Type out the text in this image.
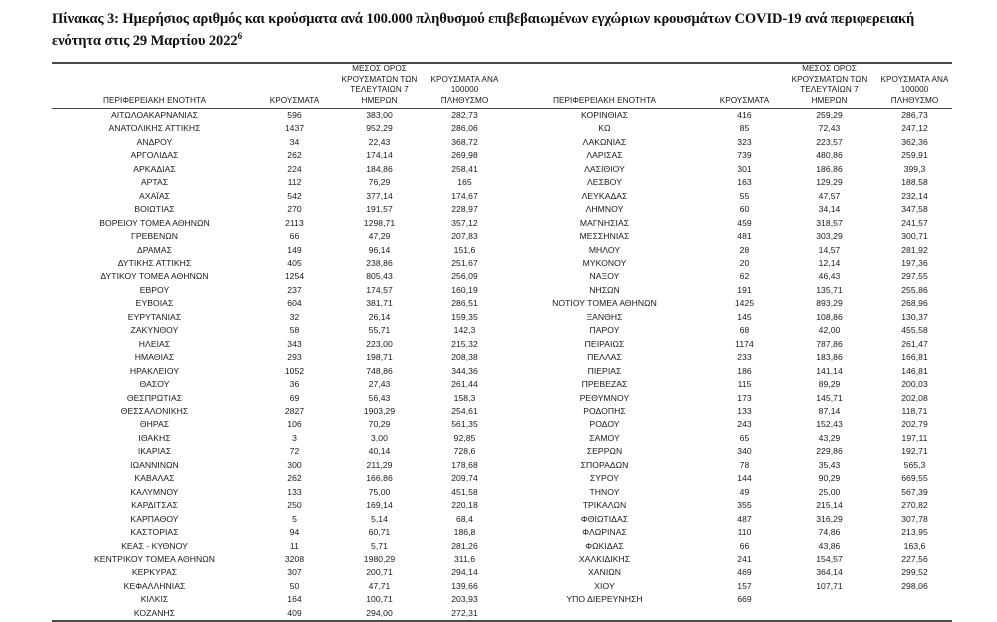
Πίνακας 3: Ημερήσιος αριθμός και κρούσματα ανά 100.000 πληθυσμού επιβεβαιωμένων εγχώριων κρουσμάτων COVID-19 ανά περιφερειακή ενότητα στις 29 Μαρτίου 2022$^6$
ΠΕΡΙΦΕΡΕΙΑΚΗ ΕΝΟΤΗΤΑ	ΚΡΟΥΣΜΑΤΑ	ΜΕΣΟΣ ΟΡΟΣ
ΚΡΟΥΣΜΑΤΩΝ ΤΩΝ
ΤΕΛΕΥΤΑΙΩΝ 7 ΗΜΕΡΩΝ	ΚΡΟΥΣΜΑΤΑ ΑΝΑ 100000
ΠΛΗΘΥΣΜΟ
ΑΙΤΩΛΟΑΚΑΡΝΑΝΙΑΣ	596	383,00	282,73
ΑΝΑΤΟΛΙΚΗΣ ΑΤΤΙΚΗΣ	1437	952,29	286,06
ΑΝΔΡΟΥ	34	22,43	368,72
ΑΡΓΟΛΙΔΑΣ	262	174,14	269,98
ΑΡΚΑΔΙΑΣ	224	184,86	258,41
ΑΡΤΑΣ	112	76,29	165
ΑΧΑΪΑΣ	542	377,14	174,67
ΒΟΙΩΤΙΑΣ	270	191,57	228,97
ΒΟΡΕΙΟΥ ΤΟΜΕΑ ΑΘΗΝΩΝ	2113	1298,71	357,12
ΓΡΕΒΕΝΩΝ	66	47,29	207,83
ΔΡΑΜΑΣ	149	96,14	151,6
ΔΥΤΙΚΗΣ ΑΤΤΙΚΗΣ	405	238,86	251,67
ΔΥΤΙΚΟΥ ΤΟΜΕΑ ΑΘΗΝΩΝ	1254	805,43	256,09
ΕΒΡΟΥ	237	174,57	160,19
ΕΥΒΟΙΑΣ	604	381,71	286,51
ΕΥΡΥΤΑΝΙΑΣ	32	26,14	159,35
ΖΑΚΥΝΘΟΥ	58	55,71	142,3
ΗΛΕΙΑΣ	343	223,00	215,32
ΗΜΑΘΙΑΣ	293	198,71	208,38
ΗΡΑΚΛΕΙΟΥ	1052	748,86	344,36
ΘΑΣΟΥ	36	27,43	261,44
ΘΕΣΠΡΩΤΙΑΣ	69	56,43	158,3
ΘΕΣΣΑΛΟΝΙΚΗΣ	2827	1903,29	254,61
ΘΗΡΑΣ	106	70,29	561,35
ΙΘΑΚΗΣ	3	3,00	92,85
ΙΚΑΡΙΑΣ	72	40,14	728,6
ΙΩΑΝΝΙΝΩΝ	300	211,29	178,68
ΚΑΒΑΛΑΣ	262	166,86	209,74
ΚΑΛΥΜΝΟΥ	133	75,00	451,58
ΚΑΡΔΙΤΣΑΣ	250	169,14	220,18
ΚΑΡΠΑΘΟΥ	5	5,14	68,4
ΚΑΣΤΟΡΙΑΣ	94	60,71	186,8
ΚΕΑΣ - ΚΥΘΝΟΥ	11	5,71	281,26
ΚΕΝΤΡΙΚΟΥ ΤΟΜΕΑ ΑΘΗΝΩΝ	3208	1980,29	311,6
ΚΕΡΚΥΡΑΣ	307	200,71	294,14
ΚΕΦΑΛΛΗΝΙΑΣ	50	47,71	139,66
ΚΙΛΚΙΣ	164	100,71	203,93
ΚΟΖΑΝΗΣ	409	294,00	272,31
ΠΕΡΙΦΕΡΕΙΑΚΗ ΕΝΟΤΗΤΑ	ΚΡΟΥΣΜΑΤΑ	ΜΕΣΟΣ ΟΡΟΣ
ΚΡΟΥΣΜΑΤΩΝ ΤΩΝ
ΤΕΛΕΥΤΑΙΩΝ 7 ΗΜΕΡΩΝ	ΚΡΟΥΣΜΑΤΑ ΑΝΑ 100000
ΠΛΗΘΥΣΜΟ
ΚΟΡΙΝΘΙΑΣ	416	259,29	286,73
ΚΩ	85	72,43	247,12
ΛΑΚΩΝΙΑΣ	323	223,57	362,36
ΛΑΡΙΣΑΣ	739	480,86	259,91
ΛΑΣΙΘΙΟΥ	301	186,86	399,3
ΛΕΣΒΟΥ	163	129,29	188,58
ΛΕΥΚΑΔΑΣ	55	47,57	232,14
ΛΗΜΝΟΥ	60	34,14	347,58
ΜΑΓΝΗΣΙΑΣ	459	318,57	241,57
ΜΕΣΣΗΝΙΑΣ	481	303,29	300,71
ΜΗΛΟΥ	28	14,57	281,92
ΜΥΚΟΝΟΥ	20	12,14	197,36
ΝΑΞΟΥ	62	46,43	297,55
ΝΗΣΩΝ	191	135,71	255,86
ΝΟΤΙΟΥ ΤΟΜΕΑ ΑΘΗΝΩΝ	1425	893,29	268,96
ΞΑΝΘΗΣ	145	108,86	130,37
ΠΑΡΟΥ	68	42,00	455,58
ΠΕΙΡΑΙΩΣ	1174	787,86	261,47
ΠΕΛΛΑΣ	233	183,86	166,81
ΠΙΕΡΙΑΣ	186	141,14	146,81
ΠΡΕΒΕΖΑΣ	115	89,29	200,03
ΡΕΘΥΜΝΟΥ	173	145,71	202,08
ΡΟΔΟΠΗΣ	133	87,14	118,71
ΡΟΔΟΥ	243	152,43	202,79
ΣΑΜΟΥ	65	43,29	197,11
ΣΕΡΡΩΝ	340	229,86	192,71
ΣΠΟΡΑΔΩΝ	78	35,43	565,3
ΣΥΡΟΥ	144	90,29	669,55
ΤΗΝΟΥ	49	25,00	567,39
ΤΡΙΚΑΛΩΝ	355	215,14	270,82
ΦΘΙΩΤΙΔΑΣ	487	316,29	307,78
ΦΛΩΡΙΝΑΣ	110	74,86	213,95
ΦΩΚΙΔΑΣ	66	43,86	163,6
ΧΑΛΚΙΔΙΚΗΣ	241	154,57	227,56
ΧΑΝΙΩΝ	469	364,14	299,52
ΧΙΟΥ	157	107,71	298,06
ΥΠΟ ΔΙΕΡΕΥΝΗΣΗ	669		
